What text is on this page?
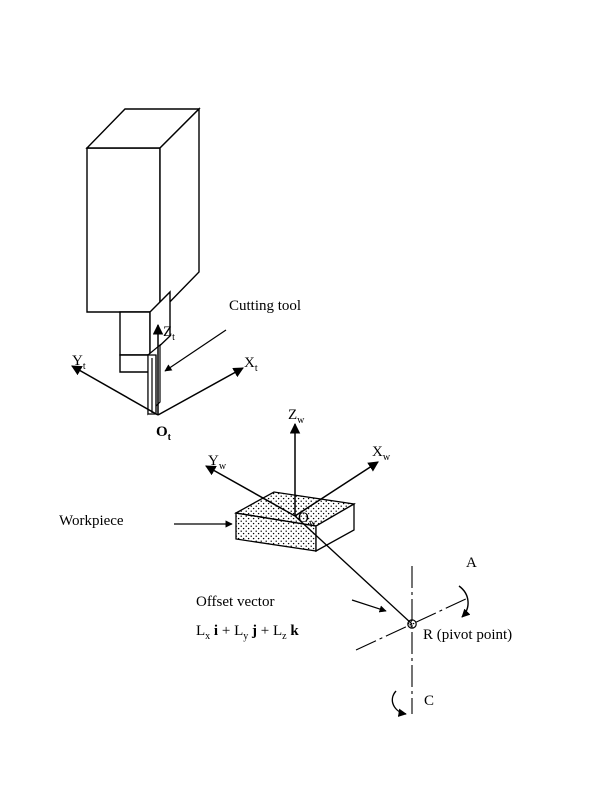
Cutting tool
$Z_t$
$X_t$
$Y_t$
$O_t$
$Z_w$
$X_w$
$Y_w$
$O_w$
Workpiece
Offset vector
$L_x$ $i + L_y$ $j + L_z$ k	R (pivot point)
A
C
